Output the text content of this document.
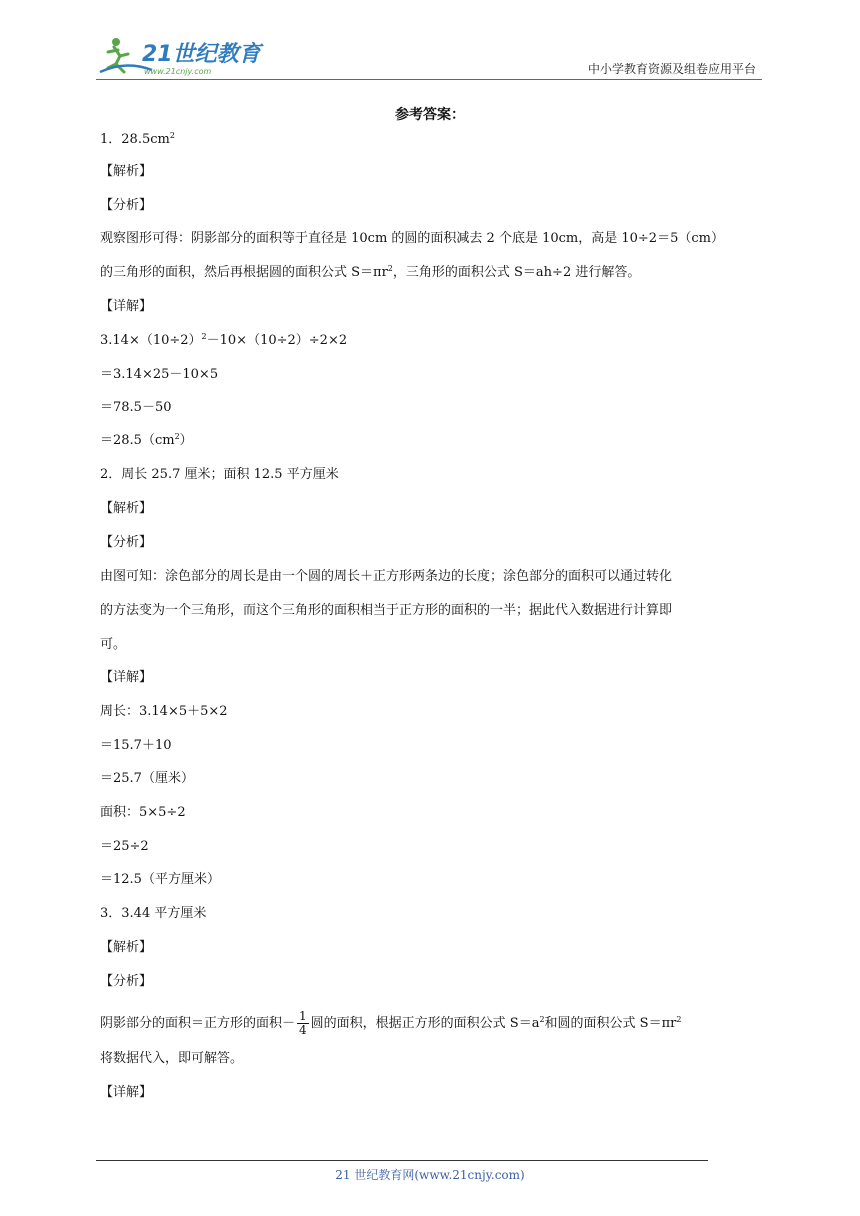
21世纪教育
www.21cnjy.com	中小学教育资源及组卷应用平台
参考答案：
1．$28.5cm^2$
【解析】
【分析】
观察图形可得：阴影部分的面积等于直径是 10cm 的圆的面积减去 2 个底是 10cm，高是 10÷2＝5（cm）
的三角形的面积，然后再根据圆的面积公式 $S=\pi r^2$，三角形的面积公式 S＝ah÷2 进行解答。
【详解】
$3.14\times(10\div 2)^2-10\times(10\div 2)\div 2\times 2$
＝3.14×25－10×5
＝78.5－50
$=28.5(cm^2)$
2．周长 25.7 厘米；面积 12.5 平方厘米
【解析】
【分析】
由图可知：涂色部分的周长是由一个圆的周长＋正方形两条边的长度；涂色部分的面积可以通过转化
的方法变为一个三角形，而这个三角形的面积相当于正方形的面积的一半；据此代入数据进行计算即
可。
【详解】
周长：3.14×5＋5×2
＝15.7＋10
＝25.7（厘米）
面积：5×5÷2
＝25÷2
＝12.5（平方厘米）
3．3.44 平方厘米
【解析】
【分析】
阴影部分的面积＝正方形的面积－ $\frac{1}{4}$ 圆的面积，根据正方形的面积公式 $S=a^2$和圆的面积公式 $S=\pi r^2$
将数据代入，即可解答。
【详解】
21 世纪教育网(www.21cnjy.com)
